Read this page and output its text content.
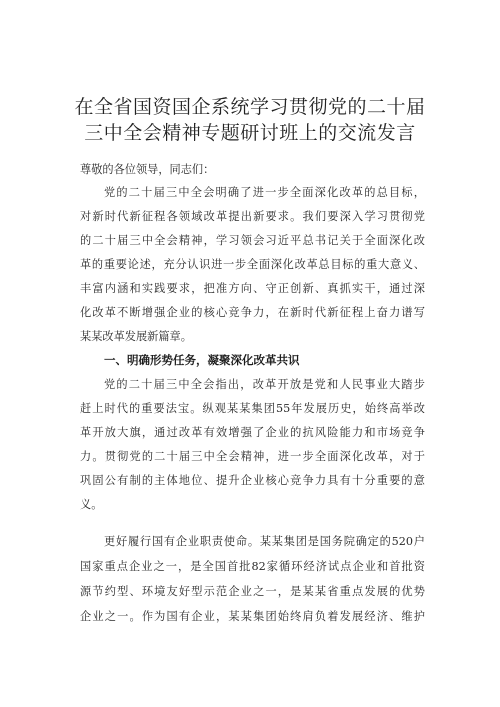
在全省国资国企系统学习贯彻党的二十届
三中全会精神专题研讨班上的交流发言
尊敬的各位领导，同志们：
党的二十届三中全会明确了进一步全面深化改革的总目标，
对新时代新征程各领域改革提出新要求。我们要深入学习贯彻党
的二十届三中全会精神，学习领会习近平总书记关于全面深化改
革的重要论述，充分认识进一步全面深化改革总目标的重大意义、
丰富内涵和实践要求，把准方向、守正创新、真抓实干，通过深
化改革不断增强企业的核心竞争力，在新时代新征程上奋力谱写
某某改革发展新篇章。
一、明确形势任务，凝聚深化改革共识
党的二十届三中全会指出，改革开放是党和人民事业大踏步
赶上时代的重要法宝。纵观某某集团55年发展历史，始终高举改
革开放大旗，通过改革有效增强了企业的抗风险能力和市场竞争
力。贯彻党的二十届三中全会精神，进一步全面深化改革，对于
巩固公有制的主体地位、提升企业核心竞争力具有十分重要的意
义。
更好履行国有企业职责使命。某某集团是国务院确定的520户
国家重点企业之一，是全国首批82家循环经济试点企业和首批资
源节约型、环境友好型示范企业之一，是某某省重点发展的优势
企业之一。作为国有企业，某某集团始终肩负着发展经济、维护
